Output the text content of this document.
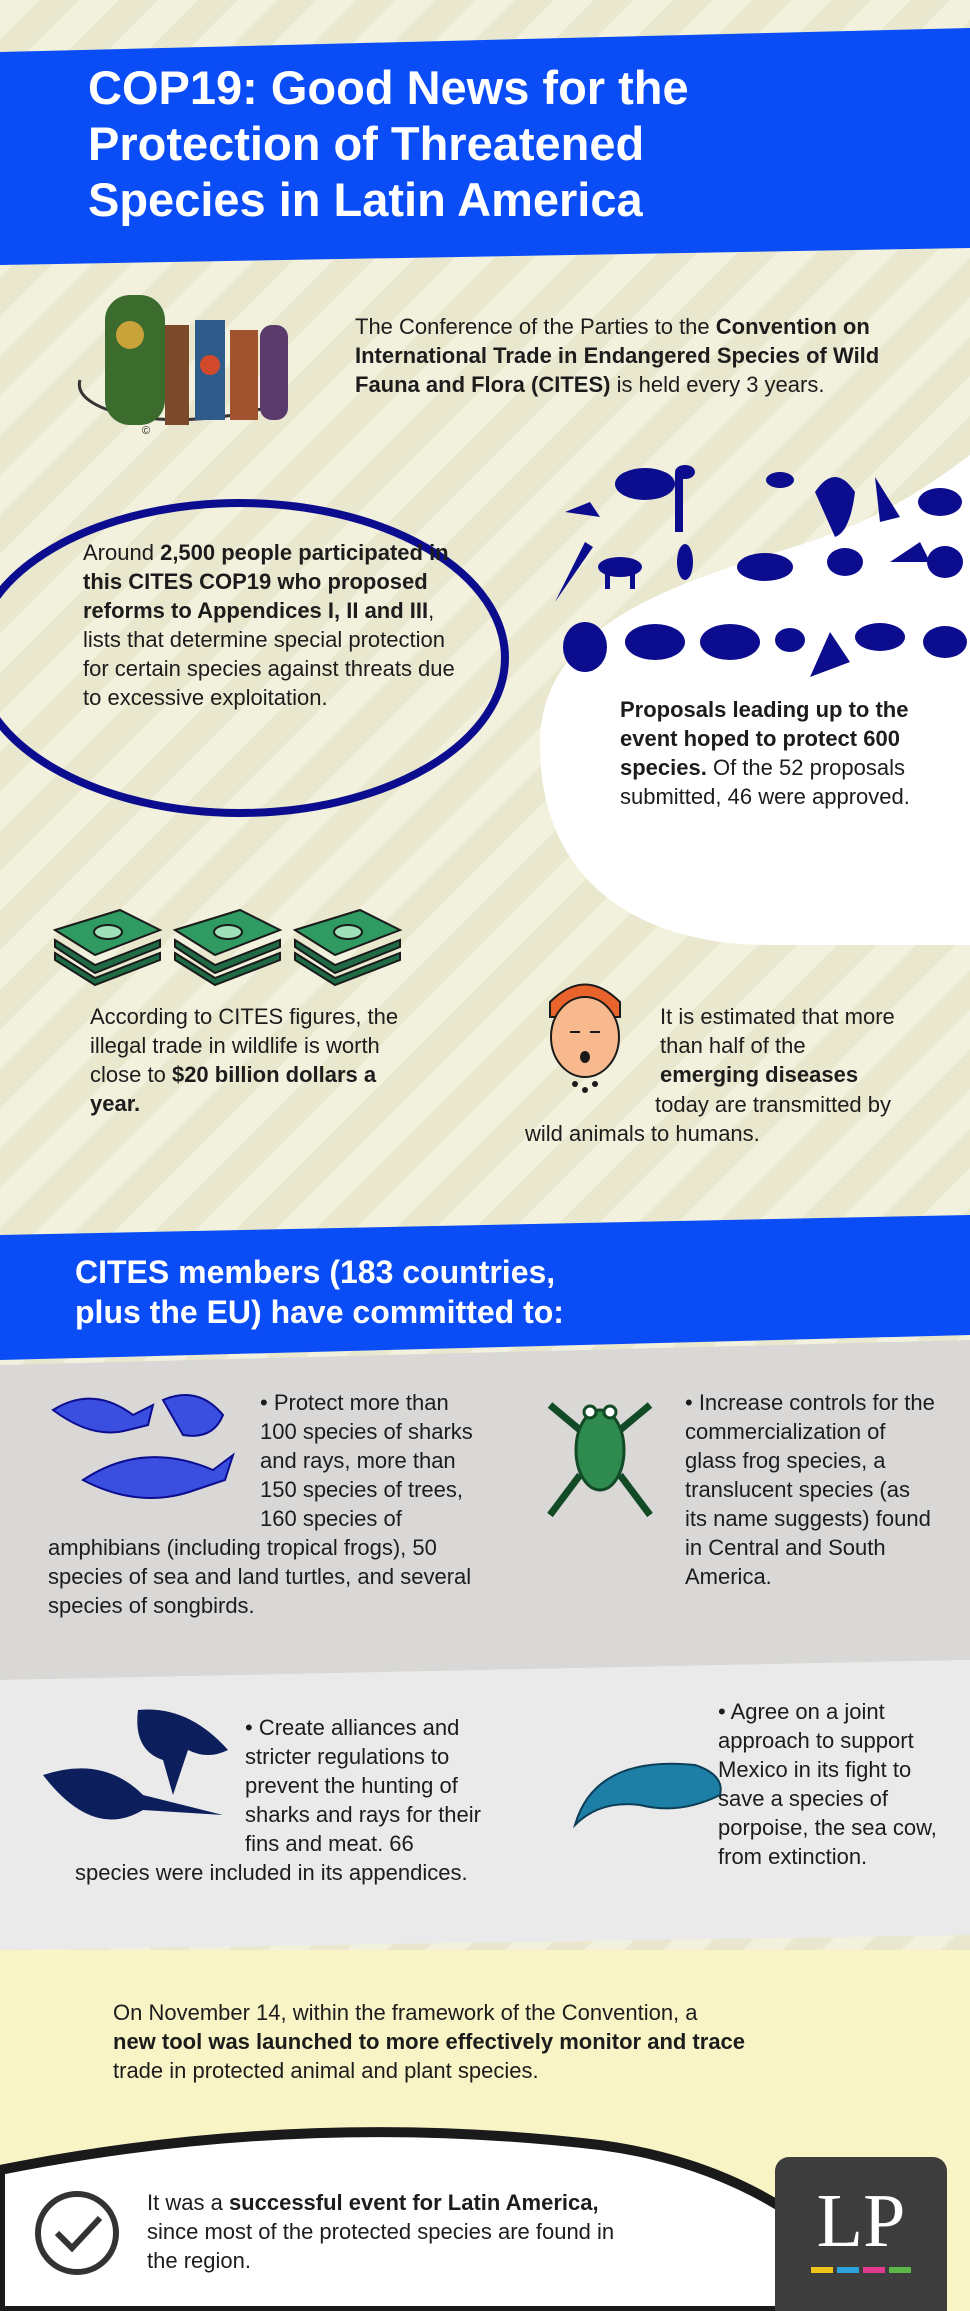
COP19: Good News for the
Protection of Threatened
Species in Latin America
©
The Conference of the Parties to the Convention on International Trade in Endangered Species of Wild Fauna and Flora (CITES) is held every 3 years.
Around 2,500 people participated in this CITES COP19 who proposed reforms to Appendices I, II and III, lists that determine special protection for certain species against threats due to excessive exploitation.	Proposals leading up to the event hoped to protect 600 species. Of the 52 proposals submitted, 46 were approved.
According to CITES figures, the illegal trade in wildlife is worth close to $20 billion dollars a year.
It is estimated that more than half of the emerging diseases
today are transmitted by wild animals to humans.
CITES members (183 countries,
plus the EU) have committed to:
• Protect more than 100 species of sharks and rays, more than 150 species of trees, 160 species of amphibians (including tropical frogs), 50 species of sea and land turtles, and several species of songbirds.
• Increase controls for the commercialization of glass frog species, a translucent species (as its name suggests) found in Central and South America.
• Create alliances and stricter regulations to prevent the hunting of sharks and rays for their fins and meat. 66 species were included in its appendices.
• Agree on a joint approach to support Mexico in its fight to save a species of porpoise, the sea cow, from extinction.
On November 14, within the framework of the Convention, a
new tool was launched to more effectively monitor and trace
trade in protected animal and plant species.
It was a successful event for Latin America, since most of the protected species are found in the region.	LP
